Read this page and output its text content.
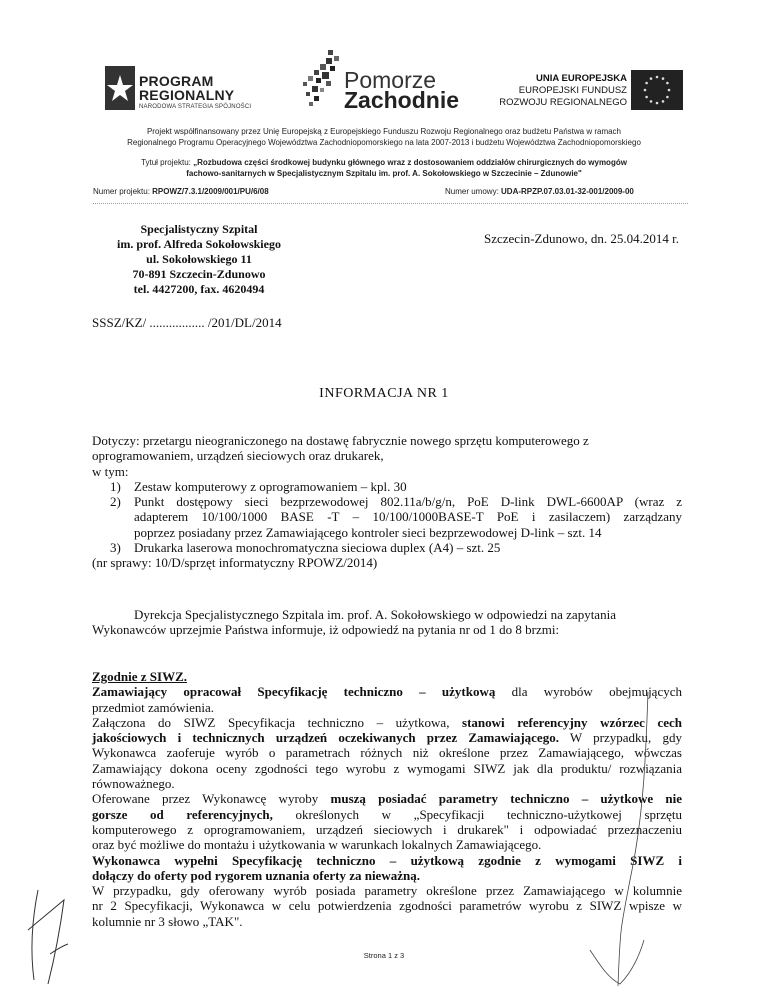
PROGRAM
REGIONALNY
NARODOWA STRATEGIA SPÓJNOŚCI
Pomorze
Zachodnie
UNIA EUROPEJSKA
EUROPEJSKI FUNDUSZ
ROZWOJU REGIONALNEGO
Projekt współfinansowany przez Unię Europejską z Europejskiego Funduszu Rozwoju Regionalnego oraz budżetu Państwa w ramach
Regionalnego Programu Operacyjnego Województwa Zachodniopomorskiego na lata 2007-2013 i budżetu Województwa Zachodniopomorskiego
Tytuł projektu: „Rozbudowa części środkowej budynku głównego wraz z dostosowaniem oddziałów chirurgicznych do wymogów
fachowo-sanitarnych w Specjalistycznym Szpitalu im. prof. A. Sokołowskiego w Szczecinie – Zdunowie"
Numer projektu: RPOWZ/7.3.1/2009/001/PU/6/08	Numer umowy: UDA-RPZP.07.03.01-32-001/2009-00
Specjalistyczny Szpital
im. prof. Alfreda Sokołowskiego
ul. Sokołowskiego 11
70-891 Szczecin-Zdunowo
tel. 4427200, fax. 4620494
Szczecin-Zdunowo, dn. 25.04.2014 r.
SSSZ/KZ/ ................. /201/DL/2014
INFORMACJA NR 1
Dotyczy: przetargu nieograniczonego na dostawę fabrycznie nowego sprzętu komputerowego z
oprogramowaniem, urządzeń sieciowych oraz drukarek,
w tym:
1) Zestaw komputerowy z oprogramowaniem – kpl. 30
2) Punkt dostępowy sieci bezprzewodowej 802.11a/b/g/n, PoE D-link DWL-6600AP (wraz z
adapterem 10/100/1000 BASE -T – 10/100/1000BASE-T PoE i zasilaczem) zarządzany
poprzez posiadany przez Zamawiającego kontroler sieci bezprzewodowej D-link – szt. 14
3) Drukarka laserowa monochromatyczna sieciowa duplex (A4) – szt. 25
(nr sprawy: 10/D/sprzęt informatyczny RPOWZ/2014)
Dyrekcja Specjalistycznego Szpitala im. prof. A. Sokołowskiego w odpowiedzi na zapytania
Wykonawców uprzejmie Państwa informuje, iż odpowiedź na pytania nr od 1 do 8 brzmi:
Zgodnie z SIWZ.
Zamawiający opracował Specyfikację techniczno – użytkową dla wyrobów obejmujących
przedmiot zamówienia.
Załączona do SIWZ Specyfikacja techniczno – użytkowa, stanowi referencyjny wzórzec cech
jakościowych i technicznych urządzeń oczekiwanych przez Zamawiającego. W przypadku, gdy
Wykonawca zaoferuje wyrób o parametrach różnych niż określone przez Zamawiającego, wówczas
Zamawiający dokona oceny zgodności tego wyrobu z wymogami SIWZ jak dla produktu/ rozwiązania
równoważnego.
Oferowane przez Wykonawcę wyroby muszą posiadać parametry techniczno – użytkowe nie
gorsze od referencyjnych, określonych w „Specyfikacji techniczno-użytkowej sprzętu
komputerowego z oprogramowaniem, urządzeń sieciowych i drukarek" i odpowiadać przeznaczeniu
oraz być możliwe do montażu i użytkowania w warunkach lokalnych Zamawiającego.
Wykonawca wypełni Specyfikację techniczno – użytkową zgodnie z wymogami SIWZ i
dołączy do oferty pod rygorem uznania oferty za nieważną.
W przypadku, gdy oferowany wyrób posiada parametry określone przez Zamawiającego w kolumnie
nr 2 Specyfikacji, Wykonawca w celu potwierdzenia zgodności parametrów wyrobu z SIWZ wpisze w
kolumnie nr 3 słowo „TAK".
Strona 1 z 3
